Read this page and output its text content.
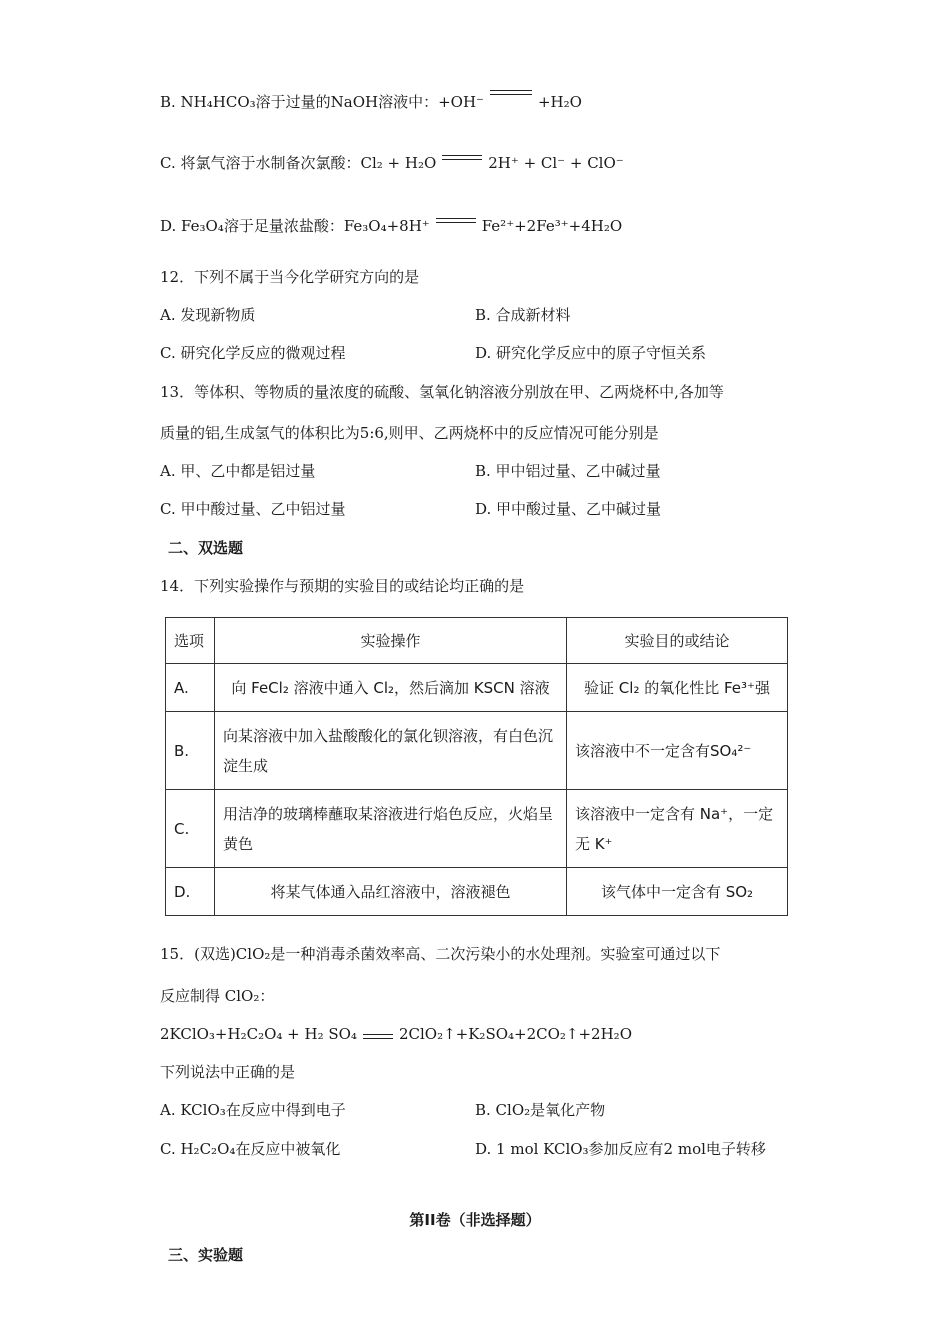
B. NH₄HCO₃溶于过量的NaOH溶液中：+OH⁻	+H₂O
C. 将氯气溶于水制备次氯酸：Cl₂ + H₂O	2H⁺ + Cl⁻ + ClO⁻
D. Fe₃O₄溶于足量浓盐酸：Fe₃O₄+8H⁺	Fe²⁺+2Fe³⁺+4H₂O
12．下列不属于当今化学研究方向的是
A. 发现新物质	B. 合成新材料
C. 研究化学反应的微观过程	D. 研究化学反应中的原子守恒关系
13．等体积、等物质的量浓度的硫酸、氢氧化钠溶液分别放在甲、乙两烧杯中,各加等
质量的铝,生成氢气的体积比为5:6,则甲、乙两烧杯中的反应情况可能分别是
A. 甲、乙中都是铝过量	B. 甲中铝过量、乙中碱过量
C. 甲中酸过量、乙中铝过量	D. 甲中酸过量、乙中碱过量
二、双选题
14．下列实验操作与预期的实验目的或结论均正确的是
选项	实验操作	实验目的或结论
A.	向 FeCl₂ 溶液中通入 Cl₂，然后滴加 KSCN 溶液	验证 Cl₂ 的氧化性比 Fe³⁺强
B.	向某溶液中加入盐酸酸化的氯化钡溶液，有白色沉淀生成	该溶液中不一定含有SO₄²⁻
C.	用洁净的玻璃棒蘸取某溶液进行焰色反应，火焰呈黄色	该溶液中一定含有 Na⁺，一定无 K⁺
D.	将某气体通入品红溶液中，溶液褪色	该气体中一定含有 SO₂
15．(双选)ClO₂是一种消毒杀菌效率高、二次污染小的水处理剂。实验室可通过以下
反应制得 ClO₂：
2KClO₃+H₂C₂O₄ + H₂ SO₄	2ClO₂↑+K₂SO₄+2CO₂↑+2H₂O
下列说法中正确的是
A. KClO₃在反应中得到电子	B. ClO₂是氧化产物
C. H₂C₂O₄在反应中被氧化	D. 1 mol KClO₃参加反应有2 mol电子转移
第II卷（非选择题）
三、实验题
